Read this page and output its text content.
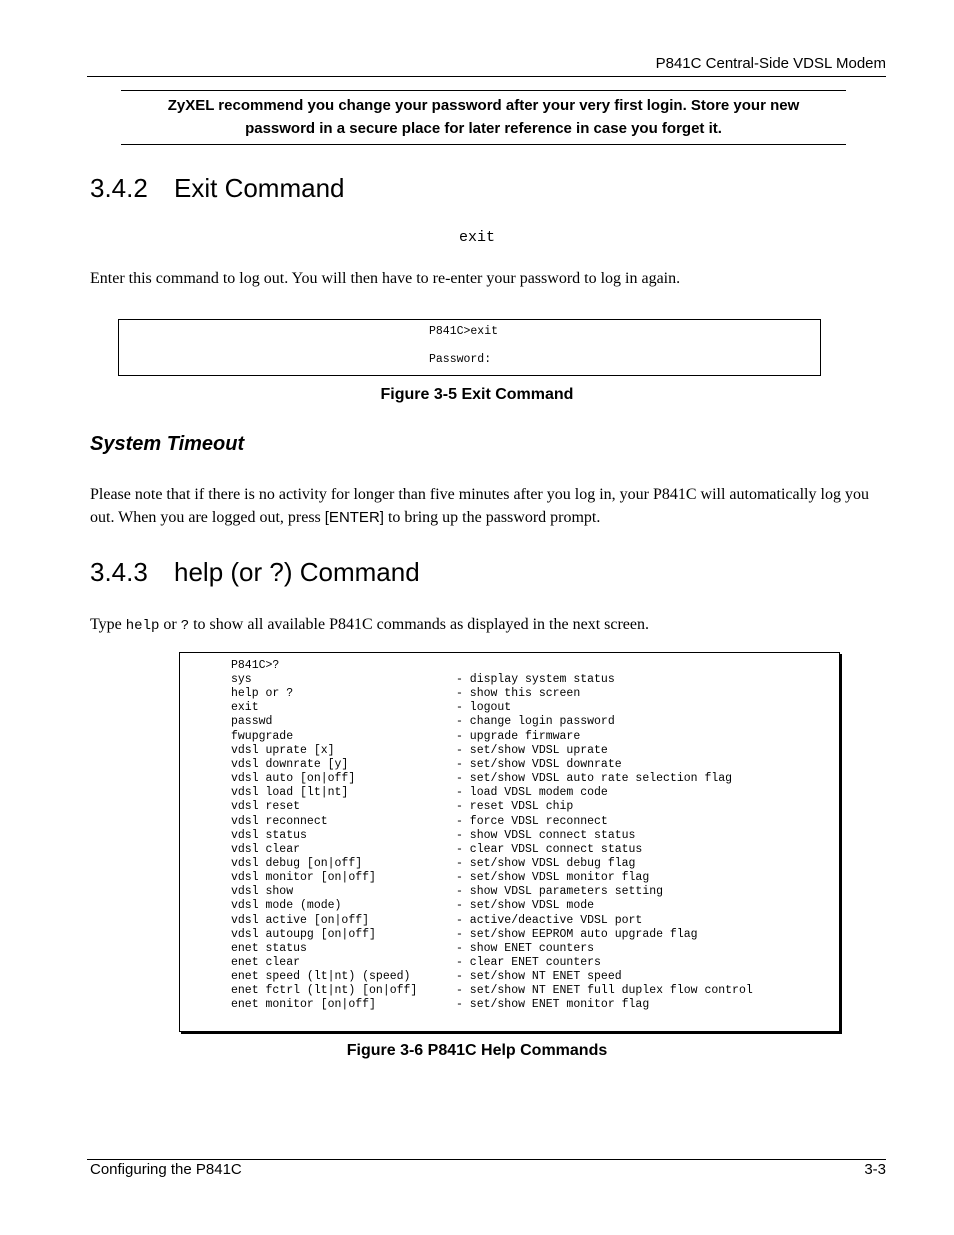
P841C Central-Side VDSL Modem
ZyXEL recommend you change your password after your very first login. Store your new
password in a secure place for later reference in case you forget it.
3.4.2 Exit Command
exit

Enter this command to log out. You will then have to re-enter your password to log in again.

P841C>exit

Password:

Figure 3-5 Exit Command
System Timeout

Please note that if there is no activity for longer than five minutes after you log in, your P841C will automatically log you out. When you are logged out, press [ENTER] to bring up the password prompt.

3.4.3 help (or ?) Command

Type help or ? to show all available P841C commands as displayed in the next screen.

P841C>?

sys	- display system status
help or ?	- show this screen
exit	- logout
passwd	- change login password
fwupgrade	- upgrade firmware
vdsl uprate [x]	- set/show VDSL uprate
vdsl downrate [y]	- set/show VDSL downrate
vdsl auto [on|off]	- set/show VDSL auto rate selection flag
vdsl load [lt|nt]	- load VDSL modem code
vdsl reset	- reset VDSL chip
vdsl reconnect	- force VDSL reconnect
vdsl status	- show VDSL connect status
vdsl clear	- clear VDSL connect status
vdsl debug [on|off]	- set/show VDSL debug flag
vdsl monitor [on|off]	- set/show VDSL monitor flag
vdsl show	- show VDSL parameters setting
vdsl mode (mode)	- set/show VDSL mode
vdsl active [on|off]	- active/deactive VDSL port
vdsl autoupg [on|off]	- set/show EEPROM auto upgrade flag
enet status	- show ENET counters
enet clear	- clear ENET counters
enet speed (lt|nt) (speed)	- set/show NT ENET speed
enet fctrl (lt|nt) [on|off]	- set/show NT ENET full duplex flow control
enet monitor [on|off]	- set/show ENET monitor flag
Figure 3-6 P841C Help Commands
Configuring the P841C	3-3
